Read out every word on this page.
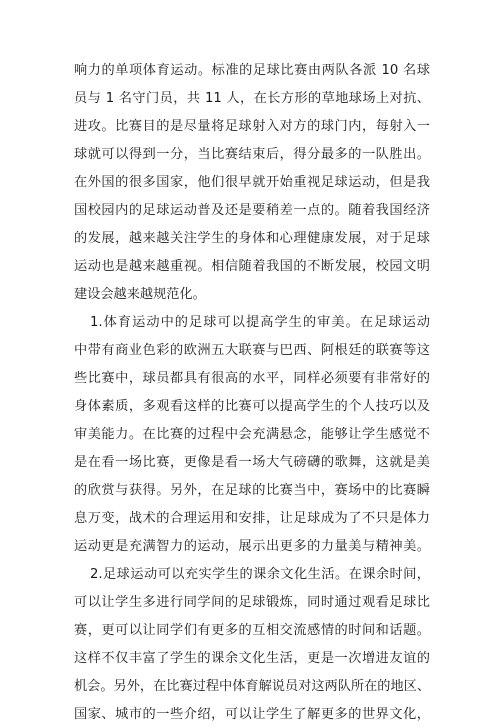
响力的单项体育运动。标准的足球比赛由两队各派 10 名球
员与 1 名守门员，共 11 人，在长方形的草地球场上对抗、
进攻。比赛目的是尽量将足球射入对方的球门内，每射入一
球就可以得到一分，当比赛结束后，得分最多的一队胜出。
在外国的很多国家，他们很早就开始重视足球运动，但是我
国校园内的足球运动普及还是要稍差一点的。随着我国经济
的发展，越来越关注学生的身体和心理健康发展，对于足球
运动也是越来越重视。相信随着我国的不断发展，校园文明
建设会越来越规范化。
1.体育运动中的足球可以提高学生的审美。在足球运动
中带有商业色彩的欧洲五大联赛与巴西、阿根廷的联赛等这
些比赛中，球员都具有很高的水平，同样必须要有非常好的
身体素质，多观看这样的比赛可以提高学生的个人技巧以及
审美能力。在比赛的过程中会充满悬念，能够让学生感觉不
是在看一场比赛，更像是看一场大气磅礴的歌舞，这就是美
的欣赏与获得。另外，在足球的比赛当中，赛场中的比赛瞬
息万变，战术的合理运用和安排，让足球成为了不只是体力
运动更是充满智力的运动，展示出更多的力量美与精神美。
2.足球运动可以充实学生的课余文化生活。在课余时间，
可以让学生多进行同学间的足球锻炼，同时通过观看足球比
赛，更可以让同学们有更多的互相交流感情的时间和话题。
这样不仅丰富了学生的课余文化生活，更是一次增进友谊的
机会。另外，在比赛过程中体育解说员对这两队所在的地区、
国家、城市的一些介绍，可以让学生了解更多的世界文化，
